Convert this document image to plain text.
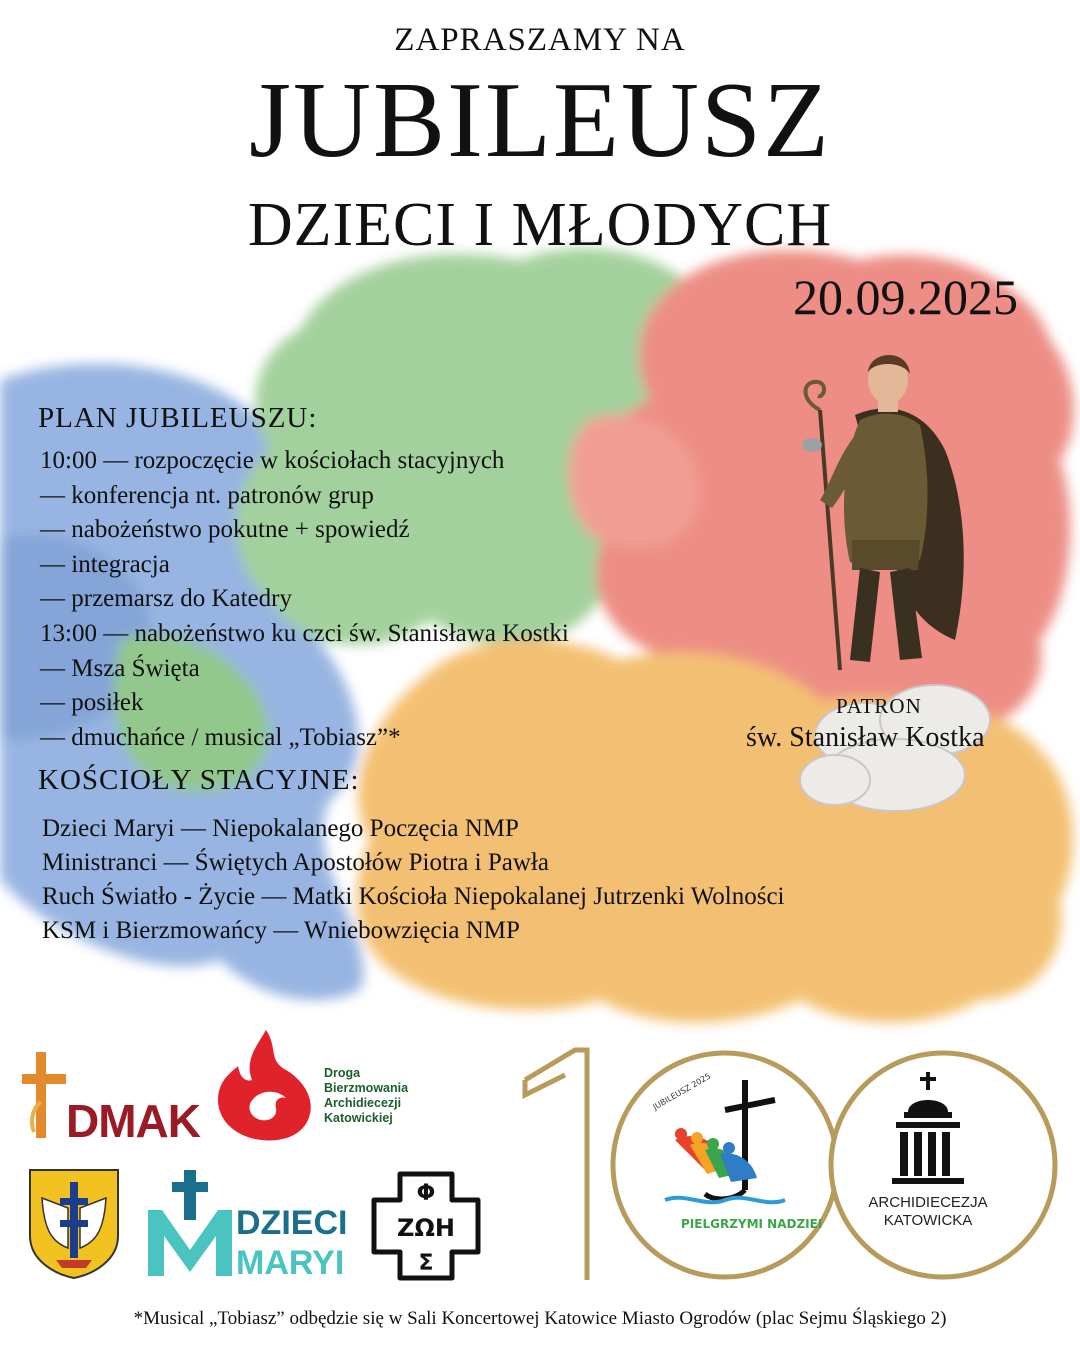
ZAPRASZAMY NA
JUBILEUSZ
DZIECI I MŁODYCH
20.09.2025
PLAN JUBILEUSZU:
10:00 — rozpoczęcie w kościołach stacyjnych
— konferencja nt. patronów grup
— nabożeństwo pokutne + spowiedź
— integracja
— przemarsz do Katedry
13:00 — nabożeństwo ku czci św. Stanisława Kostki
— Msza Święta
— posiłek
— dmuchańce / musical „Tobiasz”*
PATRON
św. Stanisław Kostka
KOŚCIOŁY STACYJNE:
Dzieci Maryi — Niepokalanego Poczęcia NMP
Ministranci — Świętych Apostołów Piotra i Pawła
Ruch Światło - Życie — Matki Kościoła Niepokalanej Jutrzenki Wolności
KSM i Bierzmowańcy — Wniebowzięcia NMP
DMAK
Droga
Bierzmowania
Archidiecezji
Katowickiej
DZIECI
MARYI
Φ
ΖΩΗ
Σ
JUBILEUSZ 2025
PIELGRZYMI NADZIEI
ARCHIDIECEZJA
KATOWICKA
*Musical „Tobiasz” odbędzie się w Sali Koncertowej Katowice Miasto Ogrodów (plac Sejmu Śląskiego 2)
